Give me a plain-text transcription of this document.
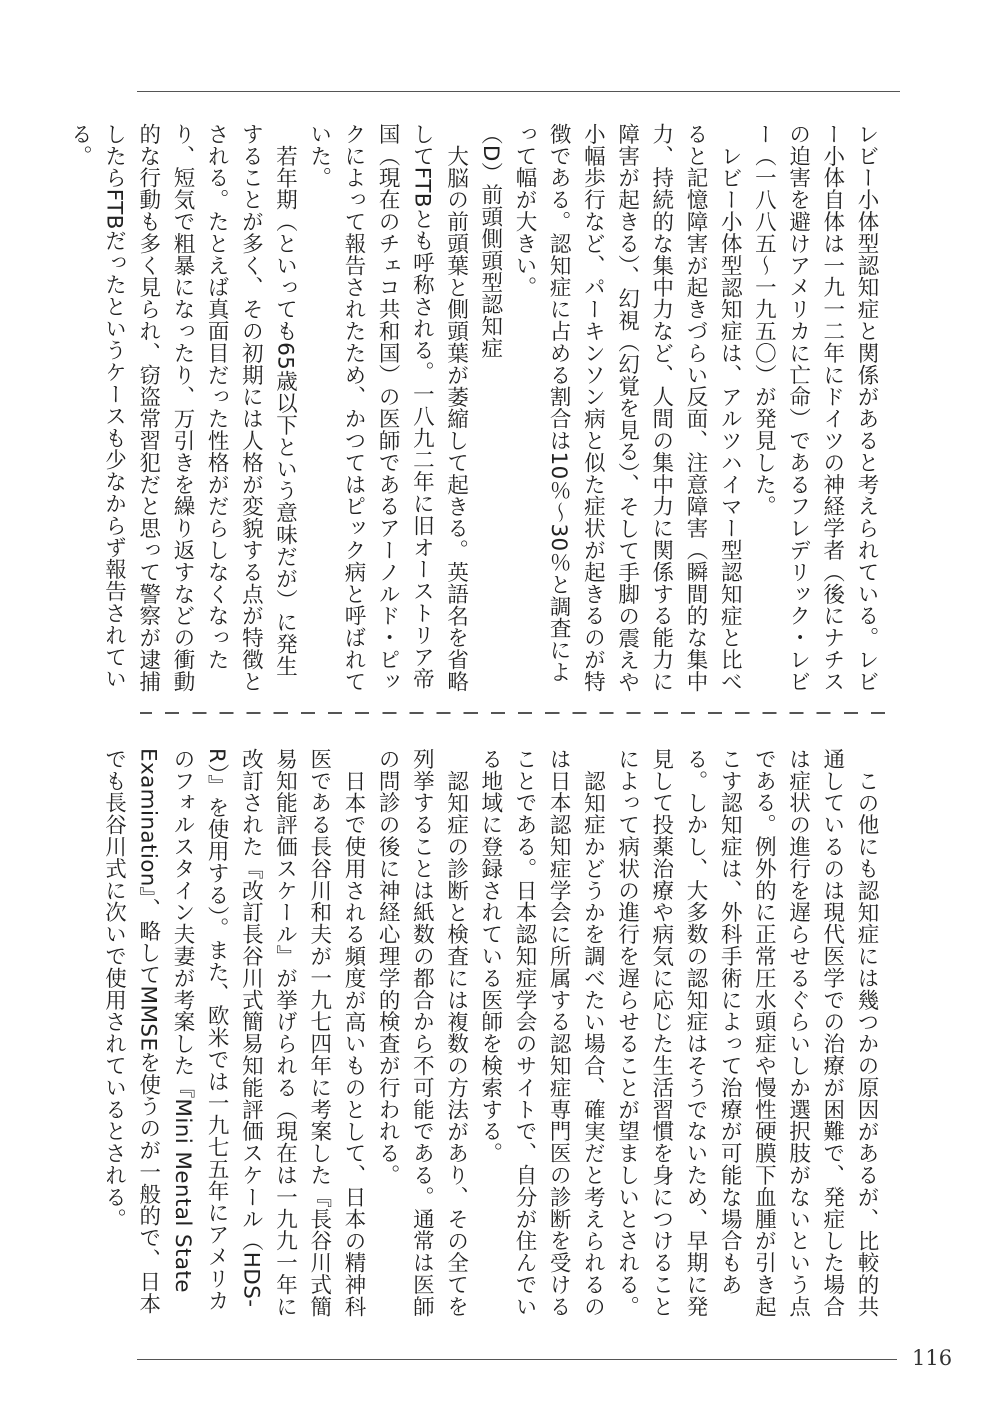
レビー小体型認知症と関係があると考えられている。レビー小体自体は一九一二年にドイツの神経学者（後にナチスの迫害を避けアメリカに亡命）であるフレデリック・レビー（一八八五〜一九五〇）が発見した。

レビー小体型認知症は、アルツハイマー型認知症と比べると記憶障害が起きづらい反面、注意障害（瞬間的な集中力、持続的な集中力など、人間の集中力に関係する能力に障害が起きる）、幻視（幻覚を見る）、そして手脚の震えや小幅歩行など、パーキンソン病と似た症状が起きるのが特徴である。認知症に占める割合は10％〜30％と調査によって幅が大きい。

（D）前頭側頭型認知症

大脳の前頭葉と側頭葉が萎縮して起きる。英語名を省略してFTBとも呼称される。一八九二年に旧オーストリア帝国（現在のチェコ共和国）の医師であるアーノルド・ピックによって報告されたため、かつてはピック病と呼ばれていた。

若年期（といっても65歳以下という意味だが）に発生することが多く、その初期には人格が変貌する点が特徴とされる。たとえば真面目だった性格がだらしなくなったり、短気で粗暴になったり、万引きを繰り返すなどの衝動的な行動も多く見られ、窃盗常習犯だと思って警察が逮捕したらFTBだったというケースも少なからず報告されている。

この他にも認知症には幾つかの原因があるが、比較的共通しているのは現代医学での治療が困難で、発症した場合は症状の進行を遅らせるぐらいしか選択肢がないという点である。例外的に正常圧水頭症や慢性硬膜下血腫が引き起こす認知症は、外科手術によって治療が可能な場合もある。しかし、大多数の認知症はそうでないため、早期に発見して投薬治療や病気に応じた生活習慣を身につけることによって病状の進行を遅らせることが望ましいとされる。

認知症かどうかを調べたい場合、確実だと考えられるのは日本認知症学会に所属する認知症専門医の診断を受けることである。日本認知症学会のサイトで、自分が住んでいる地域に登録されている医師を検索する。

認知症の診断と検査には複数の方法があり、その全てを列挙することは紙数の都合から不可能である。通常は医師の問診の後に神経心理学的検査が行われる。

日本で使用される頻度が高いものとして、日本の精神科医である長谷川和夫が一九七四年に考案した『長谷川式簡易知能評価スケール』が挙げられる（現在は一九九一年に改訂された『改訂長谷川式簡易知能評価スケール（HDS-R）』を使用する）。また、欧米では一九七五年にアメリカのフォルスタイン夫妻が考案した『Mini Mental State Examination』、略してMMSEを使うのが一般的で、日本でも長谷川式に次いで使用されているとされる。

116
